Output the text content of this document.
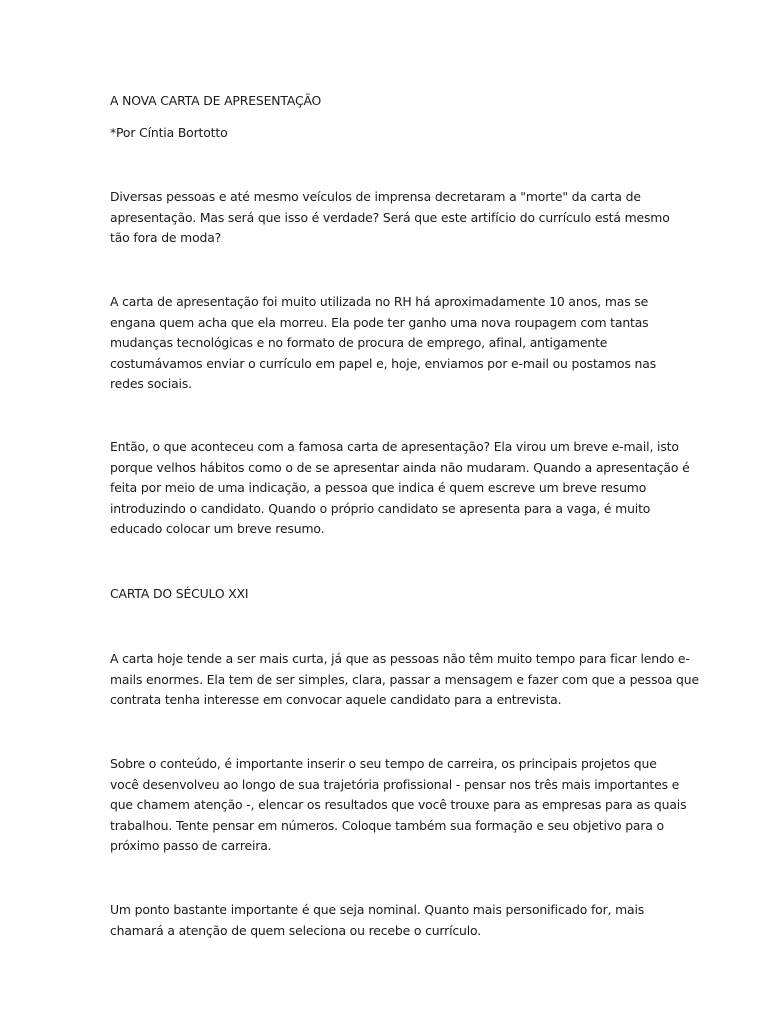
A NOVA CARTA DE APRESENTAÇÃO

*Por Cíntia Bortotto

Diversas pessoas e até mesmo veículos de imprensa decretaram a "morte" da carta de
apresentação. Mas será que isso é verdade? Será que este artifício do currículo está mesmo
tão fora de moda?

A carta de apresentação foi muito utilizada no RH há aproximadamente 10 anos, mas se
engana quem acha que ela morreu. Ela pode ter ganho uma nova roupagem com tantas
mudanças tecnológicas e no formato de procura de emprego, afinal, antigamente
costumávamos enviar o currículo em papel e, hoje, enviamos por e-mail ou postamos nas
redes sociais.

Então, o que aconteceu com a famosa carta de apresentação? Ela virou um breve e-mail, isto
porque velhos hábitos como o de se apresentar ainda não mudaram. Quando a apresentação é
feita por meio de uma indicação, a pessoa que indica é quem escreve um breve resumo
introduzindo o candidato. Quando o próprio candidato se apresenta para a vaga, é muito
educado colocar um breve resumo.

CARTA DO SÉCULO XXI

A carta hoje tende a ser mais curta, já que as pessoas não têm muito tempo para ficar lendo e-
mails enormes. Ela tem de ser simples, clara, passar a mensagem e fazer com que a pessoa que
contrata tenha interesse em convocar aquele candidato para a entrevista.

Sobre o conteúdo, é importante inserir o seu tempo de carreira, os principais projetos que
você desenvolveu ao longo de sua trajetória profissional - pensar nos três mais importantes e
que chamem atenção -, elencar os resultados que você trouxe para as empresas para as quais
trabalhou. Tente pensar em números. Coloque também sua formação e seu objetivo para o
próximo passo de carreira.

Um ponto bastante importante é que seja nominal. Quanto mais personificado for, mais
chamará a atenção de quem seleciona ou recebe o currículo.
